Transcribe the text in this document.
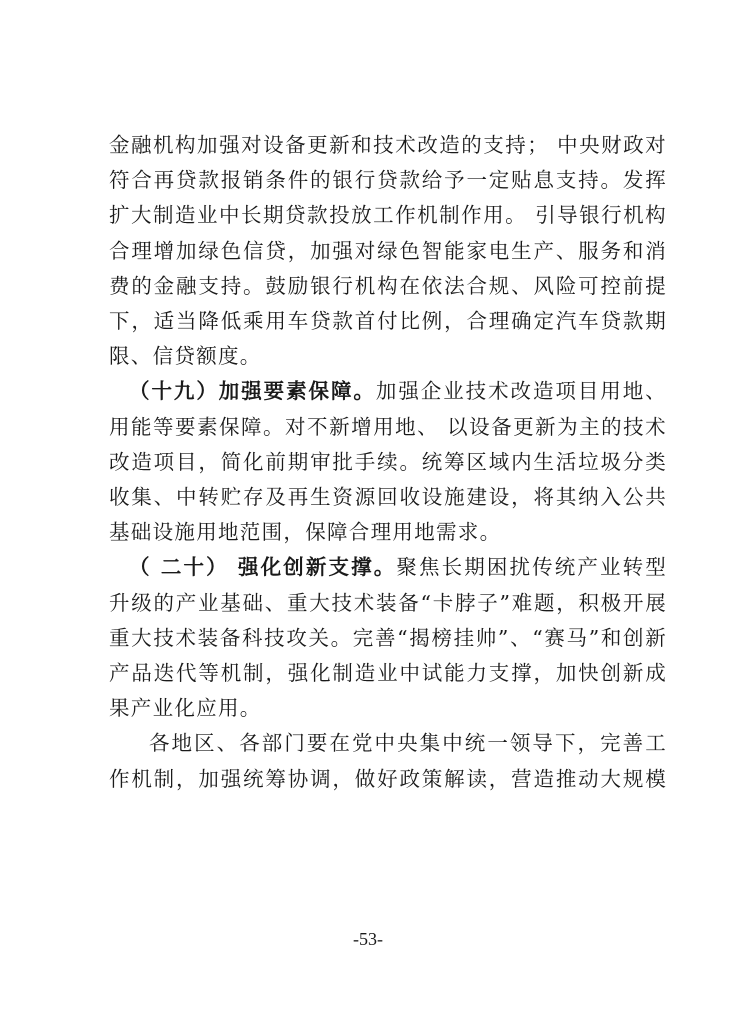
金融机构加强对设备更新和技术改造的支持； 中央财政对
符合再贷款报销条件的银行贷款给予一定贴息支持。发挥
扩大制造业中长期贷款投放工作机制作用。 引导银行机构
合理增加绿色信贷，加强对绿色智能家电生产、服务和消
费的金融支持。鼓励银行机构在依法合规、风险可控前提
下，适当降低乘用车贷款首付比例，合理确定汽车贷款期
限、信贷额度。
（十九）加强要素保障。加强企业技术改造项目用地、
用能等要素保障。对不新增用地、 以设备更新为主的技术
改造项目，简化前期审批手续。统筹区域内生活垃圾分类
收集、中转贮存及再生资源回收设施建设，将其纳入公共
基础设施用地范围，保障合理用地需求。
（ 二十） 强化创新支撑。聚焦长期困扰传统产业转型
升级的产业基础、重大技术装备“卡脖子”难题，积极开展
重大技术装备科技攻关。完善“揭榜挂帅”、“赛马”和创新
产品迭代等机制，强化制造业中试能力支撑，加快创新成
果产业化应用。
各地区、各部门要在党中央集中统一领导下，完善工
作机制，加强统筹协调，做好政策解读，营造推动大规模
-53-
